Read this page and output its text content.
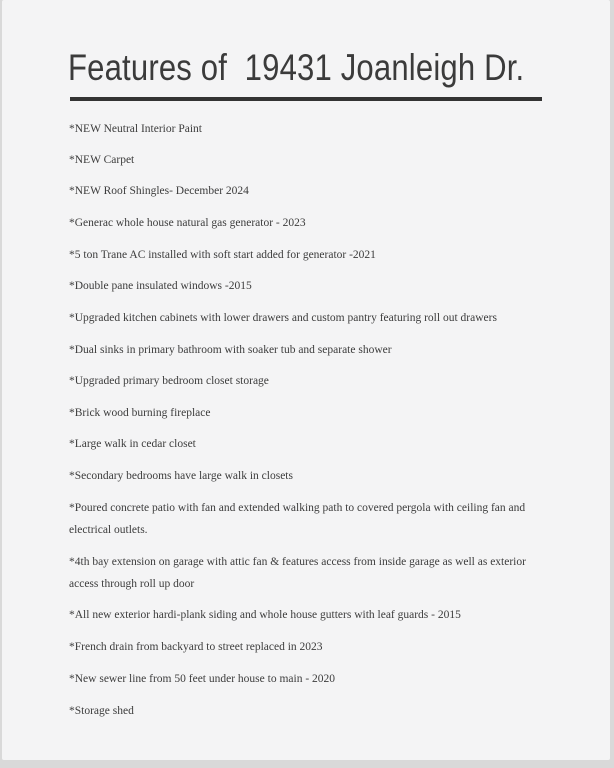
Features of  19431 Joanleigh Dr.
*NEW Neutral Interior Paint
*NEW Carpet
*NEW Roof Shingles- December 2024
*Generac whole house natural gas generator - 2023
*5 ton Trane AC installed with soft start added for generator -2021
*Double pane insulated windows -2015
*Upgraded kitchen cabinets with lower drawers and custom pantry featuring roll out drawers
*Dual sinks in primary bathroom with soaker tub and separate shower
*Upgraded primary bedroom closet storage
*Brick wood burning fireplace
*Large walk in cedar closet
*Secondary bedrooms have large walk in closets
*Poured concrete patio with fan and extended walking path to covered pergola with ceiling fan and electrical outlets.
*4th bay extension on garage with attic fan & features access from inside garage as well as exterior access through roll up door
*All new exterior hardi-plank siding and whole house gutters with leaf guards - 2015
*French drain from backyard to street replaced in 2023
*New sewer line from 50 feet under house to main - 2020
*Storage shed
